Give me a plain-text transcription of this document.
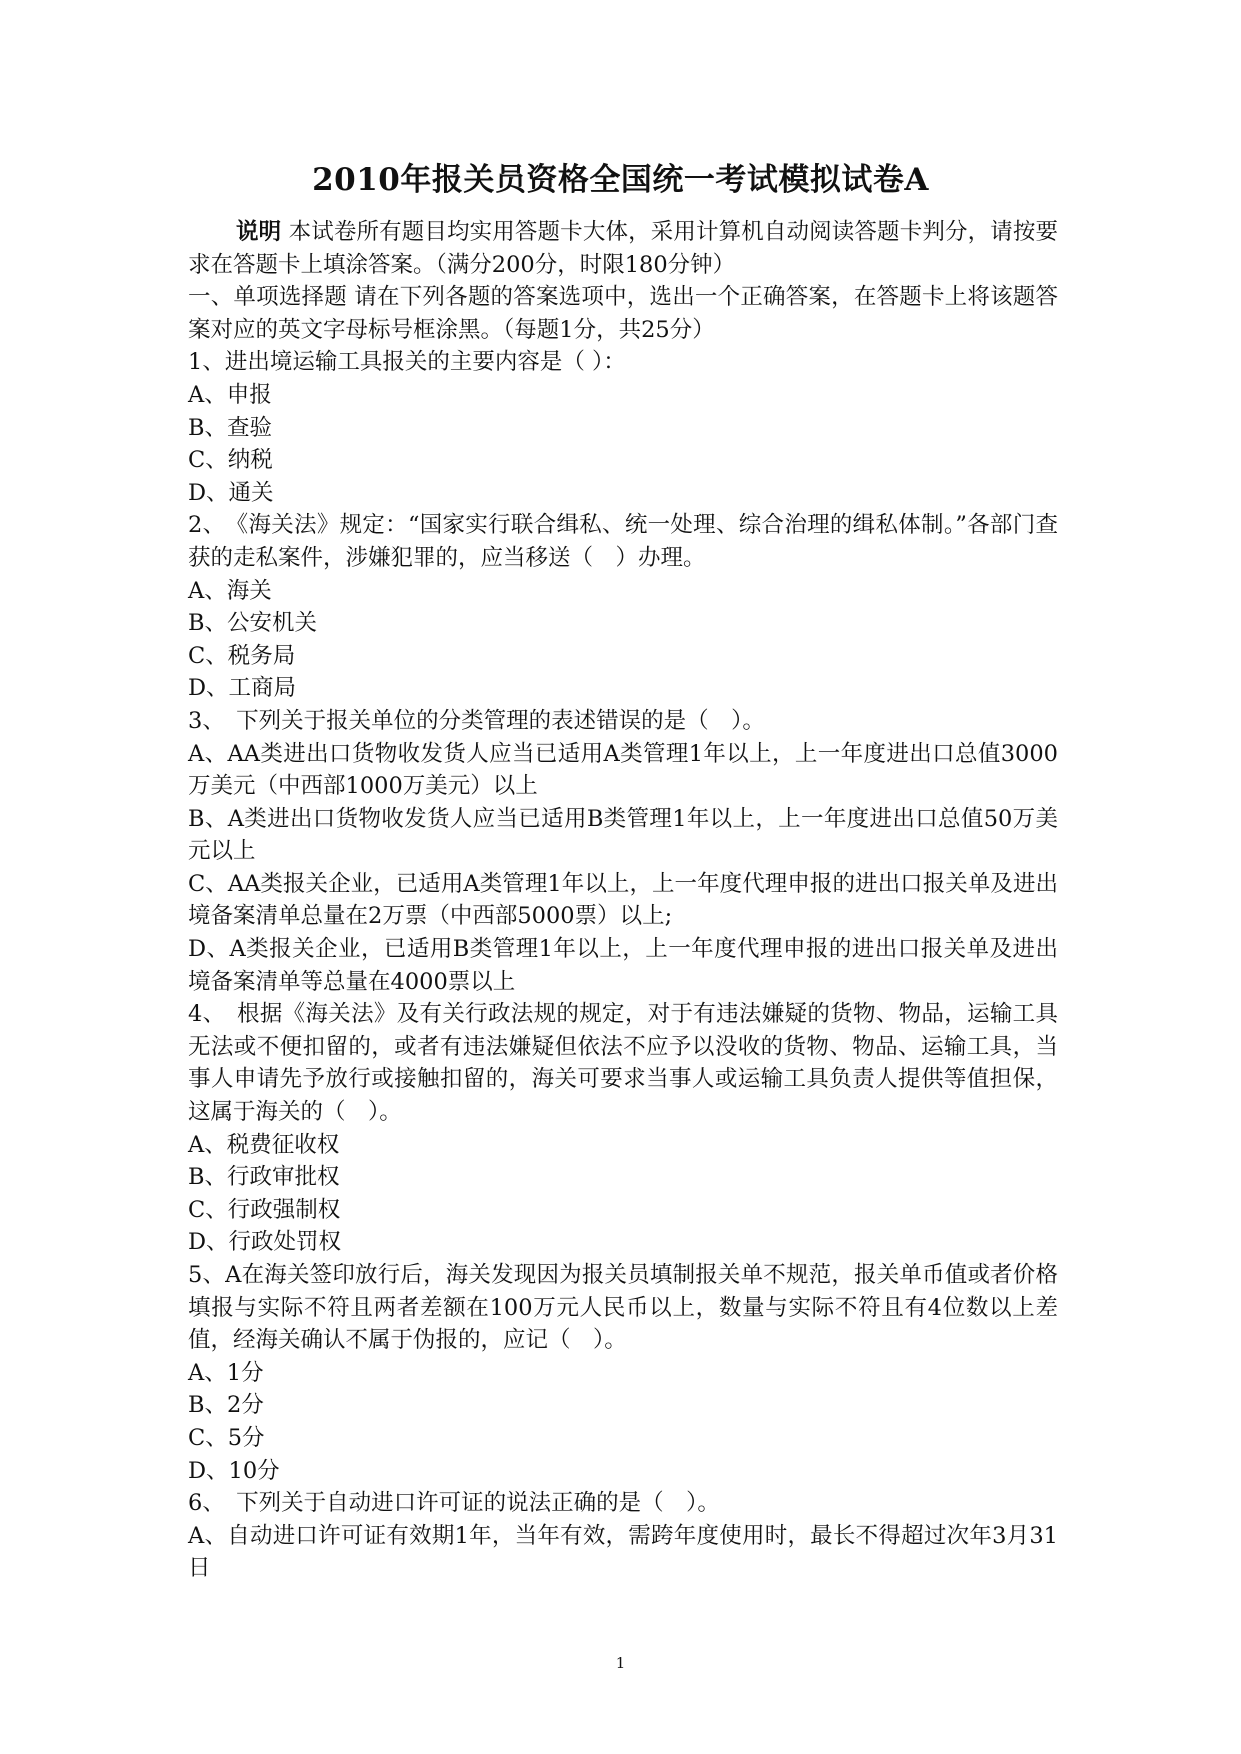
2010年报关员资格全国统一考试模拟试卷A

说明 本试卷所有题目均实用答题卡大体，采用计算机自动阅读答题卡判分，请按要求在答题卡上填涂答案。（满分200分，时限180分钟）

一、单项选择题 请在下列各题的答案选项中，选出一个正确答案，在答题卡上将该题答案对应的英文字母标号框涂黑。（每题1分，共25分）

1、进出境运输工具报关的主要内容是（ ）：

A、申报

B、查验

C、纳税

D、通关

2、　《海关法》规定：“国家实行联合缉私、统一处理、综合治理的缉私体制。”各部门查获的走私案件，涉嫌犯罪的，应当移送（　）办理。

A、海关

B、公安机关

C、税务局

D、工商局

3、　下列关于报关单位的分类管理的表述错误的是（　）。

A、AA类进出口货物收发货人应当已适用A类管理1年以上，上一年度进出口总值3000万美元（中西部1000万美元）以上

B、A类进出口货物收发货人应当已适用B类管理1年以上，上一年度进出口总值50万美元以上

C、AA类报关企业，已适用A类管理1年以上，上一年度代理申报的进出口报关单及进出境备案清单总量在2万票（中西部5000票）以上;

D、A类报关企业，已适用B类管理1年以上，上一年度代理申报的进出口报关单及进出境备案清单等总量在4000票以上

4、　根据《海关法》及有关行政法规的规定，对于有违法嫌疑的货物、物品，运输工具无法或不便扣留的，或者有违法嫌疑但依法不应予以没收的货物、物品、运输工具，当事人申请先予放行或接触扣留的，海关可要求当事人或运输工具负责人提供等值担保，这属于海关的（　）。

A、税费征收权

B、行政审批权

C、行政强制权

D、行政处罚权

5、A在海关签印放行后，海关发现因为报关员填制报关单不规范，报关单币值或者价格填报与实际不符且两者差额在100万元人民币以上，数量与实际不符且有4位数以上差值，经海关确认不属于伪报的，应记（　）。

A、1分

B、2分

C、5分

D、10分

6、　下列关于自动进口许可证的说法正确的是（　）。

A、自动进口许可证有效期1年，当年有效，需跨年度使用时，最长不得超过次年3月31日

1
